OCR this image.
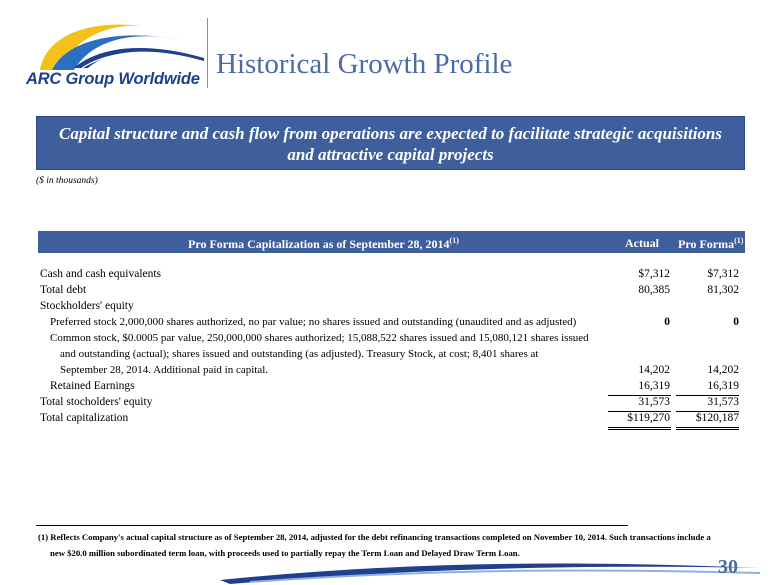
ARC Group Worldwide Historical Growth Profile
Capital structure and cash flow from operations are expected to facilitate strategic acquisitions
and attractive capital projects
($ in thousands)
Pro Forma Capitalization as of September 28, 2014$^{(1)}$	Actual Pro Forma$^{(1)}$
Cash and cash equivalents	$7,312	$7,312
Total debt	80,385	81,302
Stockholders' equity
Preferred stock 2,000,000 shares authorized, no par value; no shares issued and outstanding (unaudited and as adjusted)	0	0
Common stock, $0.0005 par value, 250,000,000 shares authorized; 15,088,522 shares issued and 15,080,121 shares issued
and outstanding (actual); shares issued and outstanding (as adjusted). Treasury Stock, at cost; 8,401 shares at
September 28, 2014. Additional paid in capital.	14,202	14,202
Retained Earnings	16,319	16,319
Total stocholders' equity	31,573	31,573
Total capitalization	$119,270	$120,187
(1) Reflects Company's actual capital structure as of September 28, 2014, adjusted for the debt refinancing transactions completed on November 10, 2014. Such transactions include a
new $20.0 million subordinated term loan, with proceeds used to partially repay the Term Loan and Delayed Draw Term Loan.
30
